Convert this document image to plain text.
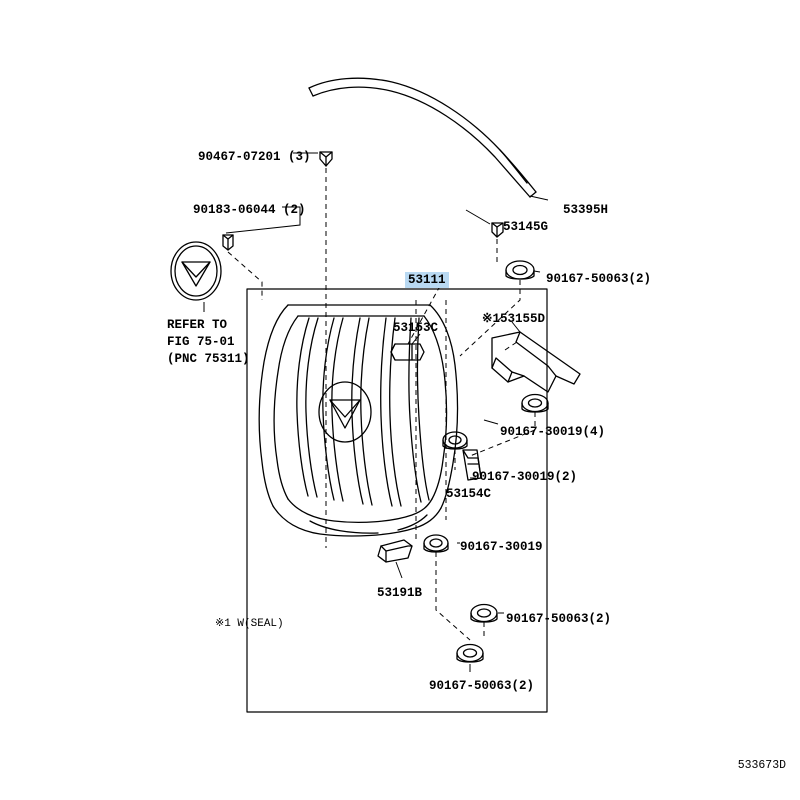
90467-07201 (3)
90183-06044 (2)	53395H
53145G
53111	90167-50063(2)
53153C
※153155D
90167-30019(4)
90167-30019(2)
53154C
90167-30019
53191B
90167-50063(2)
90167-50063(2)
REFER TO
FIG 75-01
(PNC 75311)
※1 W(SEAL)
533673D
